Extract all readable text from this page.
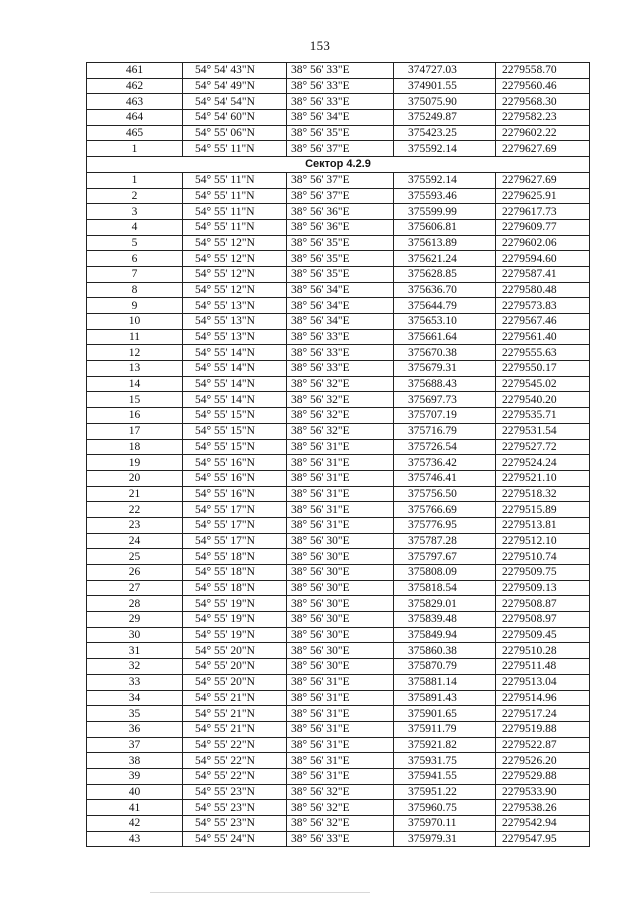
153
461	54° 54' 43"N	38° 56' 33"E	374727.03	2279558.70
462	54° 54' 49"N	38° 56' 33"E	374901.55	2279560.46
463	54° 54' 54"N	38° 56' 33"E	375075.90	2279568.30
464	54° 54' 60"N	38° 56' 34"E	375249.87	2279582.23
465	54° 55' 06"N	38° 56' 35"E	375423.25	2279602.22
1	54° 55' 11"N	38° 56' 37"E	375592.14	2279627.69
Сектор 4.2.9				
1	54° 55' 11"N	38° 56' 37"E	375592.14	2279627.69
2	54° 55' 11"N	38° 56' 37"E	375593.46	2279625.91
3	54° 55' 11"N	38° 56' 36"E	375599.99	2279617.73
4	54° 55' 11"N	38° 56' 36"E	375606.81	2279609.77
5	54° 55' 12"N	38° 56' 35"E	375613.89	2279602.06
6	54° 55' 12"N	38° 56' 35"E	375621.24	2279594.60
7	54° 55' 12"N	38° 56' 35"E	375628.85	2279587.41
8	54° 55' 12"N	38° 56' 34"E	375636.70	2279580.48
9	54° 55' 13"N	38° 56' 34"E	375644.79	2279573.83
10	54° 55' 13"N	38° 56' 34"E	375653.10	2279567.46
11	54° 55' 13"N	38° 56' 33"E	375661.64	2279561.40
12	54° 55' 14"N	38° 56' 33"E	375670.38	2279555.63
13	54° 55' 14"N	38° 56' 33"E	375679.31	2279550.17
14	54° 55' 14"N	38° 56' 32"E	375688.43	2279545.02
15	54° 55' 14"N	38° 56' 32"E	375697.73	2279540.20
16	54° 55' 15"N	38° 56' 32"E	375707.19	2279535.71
17	54° 55' 15"N	38° 56' 32"E	375716.79	2279531.54
18	54° 55' 15"N	38° 56' 31"E	375726.54	2279527.72
19	54° 55' 16"N	38° 56' 31"E	375736.42	2279524.24
20	54° 55' 16"N	38° 56' 31"E	375746.41	2279521.10
21	54° 55' 16"N	38° 56' 31"E	375756.50	2279518.32
22	54° 55' 17"N	38° 56' 31"E	375766.69	2279515.89
23	54° 55' 17"N	38° 56' 31"E	375776.95	2279513.81
24	54° 55' 17"N	38° 56' 30"E	375787.28	2279512.10
25	54° 55' 18"N	38° 56' 30"E	375797.67	2279510.74
26	54° 55' 18"N	38° 56' 30"E	375808.09	2279509.75
27	54° 55' 18"N	38° 56' 30"E	375818.54	2279509.13
28	54° 55' 19"N	38° 56' 30"E	375829.01	2279508.87
29	54° 55' 19"N	38° 56' 30"E	375839.48	2279508.97
30	54° 55' 19"N	38° 56' 30"E	375849.94	2279509.45
31	54° 55' 20"N	38° 56' 30"E	375860.38	2279510.28
32	54° 55' 20"N	38° 56' 30"E	375870.79	2279511.48
33	54° 55' 20"N	38° 56' 31"E	375881.14	2279513.04
34	54° 55' 21"N	38° 56' 31"E	375891.43	2279514.96
35	54° 55' 21"N	38° 56' 31"E	375901.65	2279517.24
36	54° 55' 21"N	38° 56' 31"E	375911.79	2279519.88
37	54° 55' 22"N	38° 56' 31"E	375921.82	2279522.87
38	54° 55' 22"N	38° 56' 31"E	375931.75	2279526.20
39	54° 55' 22"N	38° 56' 31"E	375941.55	2279529.88
40	54° 55' 23"N	38° 56' 32"E	375951.22	2279533.90
41	54° 55' 23"N	38° 56' 32"E	375960.75	2279538.26
42	54° 55' 23"N	38° 56' 32"E	375970.11	2279542.94
43	54° 55' 24"N	38° 56' 33"E	375979.31	2279547.95
